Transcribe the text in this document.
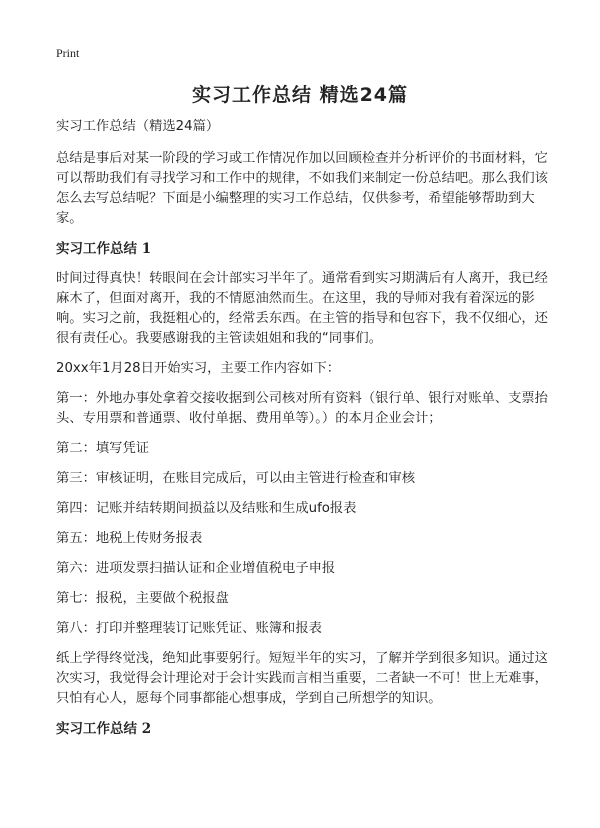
Print
实习工作总结 精选24篇

实习工作总结（精选24篇）

总结是事后对某一阶段的学习或工作情况作加以回顾检查并分析评价的书面材料，它可以帮助我们有寻找学习和工作中的规律，不如我们来制定一份总结吧。那么我们该怎么去写总结呢？下面是小编整理的实习工作总结，仅供参考，希望能够帮助到大家。

实习工作总结 1

时间过得真快！转眼间在会计部实习半年了。通常看到实习期满后有人离开，我已经麻木了，但面对离开，我的不情愿油然而生。在这里，我的导师对我有着深远的影响。实习之前，我挺粗心的，经常丢东西。在主管的指导和包容下，我不仅细心，还很有责任心。我要感谢我的主管读姐姐和我的“同事们。

20xx年1月28日开始实习，主要工作内容如下：

第一：外地办事处拿着交接收据到公司核对所有资料（银行单、银行对账单、支票抬头、专用票和普通票、收付单据、费用单等）。）的本月企业会计；

第二：填写凭证

第三：审核证明，在账目完成后，可以由主管进行检查和审核

第四：记账并结转期间损益以及结账和生成ufo报表

第五：地税上传财务报表

第六：进项发票扫描认证和企业增值税电子申报

第七：报税，主要做个税报盘

第八：打印并整理装订记账凭证、账簿和报表

纸上学得终觉浅，绝知此事要躬行。短短半年的实习，了解并学到很多知识。通过这次实习，我觉得会计理论对于会计实践而言相当重要，二者缺一不可！世上无难事，只怕有心人，愿每个同事都能心想事成，学到自己所想学的知识。

实习工作总结 2
